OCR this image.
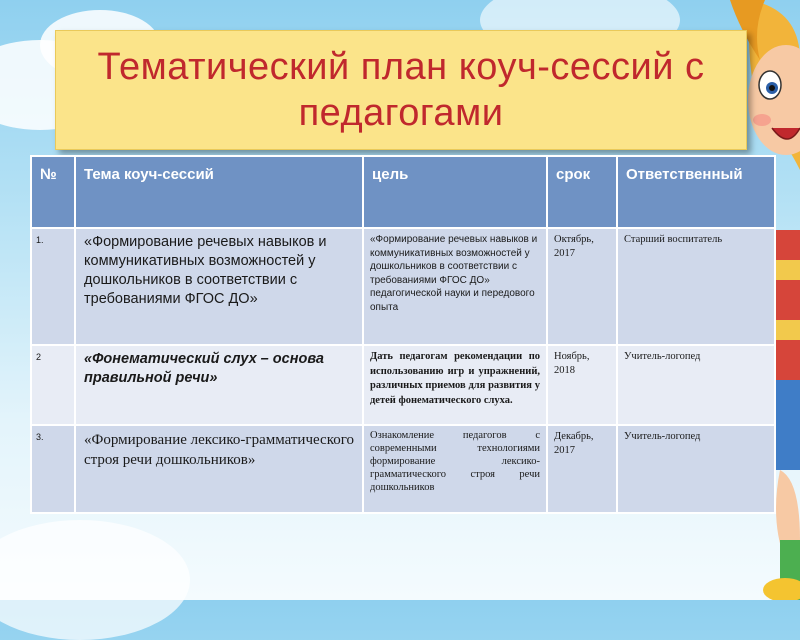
Тематический план коуч-сессий с педагогами
№	Тема коуч-сессий	цель	срок	Ответственный
1.	«Формирование речевых навыков и коммуникативных возможностей у дошкольников в соответствии с требованиями ФГОС ДО»	«Формирование речевых навыков и коммуникативных возможностей у дошкольников в соответствии с требованиями ФГОС ДО» педагогической науки и передового опыта	Октябрь, 2017	Старший воспитатель
2	«Фонематический слух – основа правильной речи»	Дать педагогам рекомендации по использованию игр и упражнений, различных приемов для развития у детей фонематического слуха.	Ноябрь, 2018	Учитель-логопед
3.	«Формирование лексико-грамматического строя речи дошкольников»	Ознакомление педагогов с современными технологиями формирование лексико-грамматического строя речи дошкольников	Декабрь, 2017	Учитель-логопед
